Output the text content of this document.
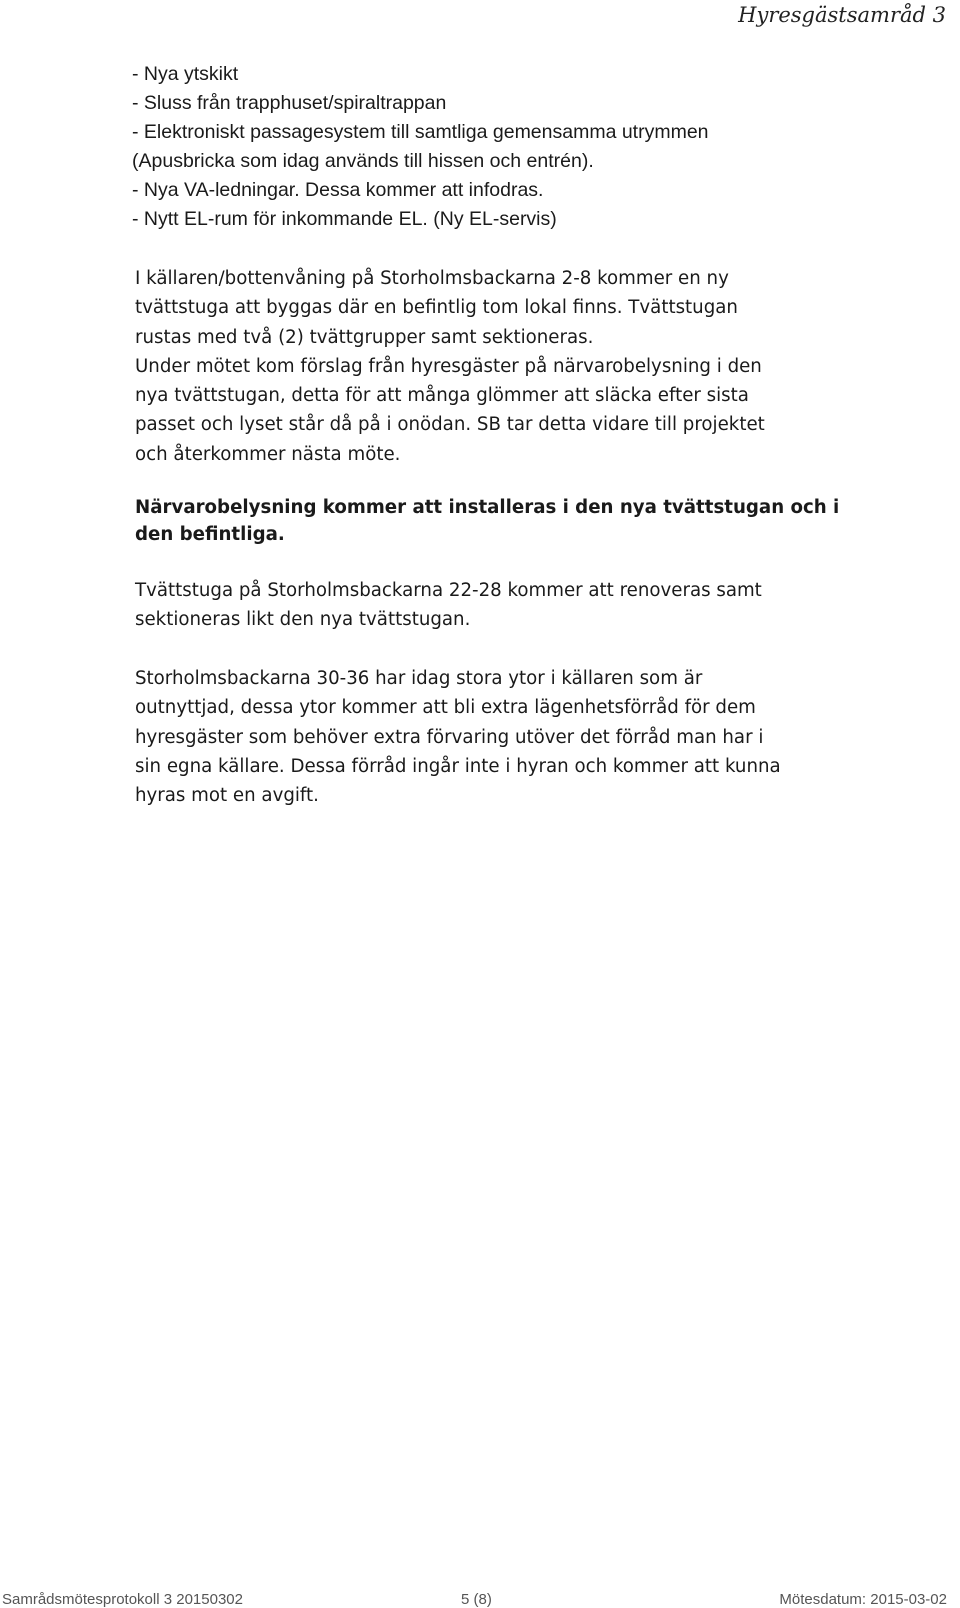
Hyresgästsamråd 3
- Nya ytskikt
- Sluss från trapphuset/spiraltrappan
- Elektroniskt passagesystem till samtliga gemensamma utrymmen
(Apusbricka som idag används till hissen och entrén).
- Nya VA-ledningar. Dessa kommer att infodras.
- Nytt EL-rum för inkommande EL. (Ny EL-servis)
I källaren/bottenvåning på Storholmsbackarna 2-8 kommer en ny
tvättstuga att byggas där en befintlig tom lokal finns. Tvättstugan
rustas med två (2) tvättgrupper samt sektioneras.
Under mötet kom förslag från hyresgäster på närvarobelysning i den
nya tvättstugan, detta för att många glömmer att släcka efter sista
passet och lyset står då på i onödan. SB tar detta vidare till projektet
och återkommer nästa möte.
Närvarobelysning kommer att installeras i den nya tvättstugan och i
den befintliga.
Tvättstuga på Storholmsbackarna 22-28 kommer att renoveras samt
sektioneras likt den nya tvättstugan.
Storholmsbackarna 30-36 har idag stora ytor i källaren som är
outnyttjad, dessa ytor kommer att bli extra lägenhetsförråd för dem
hyresgäster som behöver extra förvaring utöver det förråd man har i
sin egna källare. Dessa förråd ingår inte i hyran och kommer att kunna
hyras mot en avgift.
Samrådsmötesprotokoll 3 20150302	5 (8)	Mötesdatum: 2015-03-02
